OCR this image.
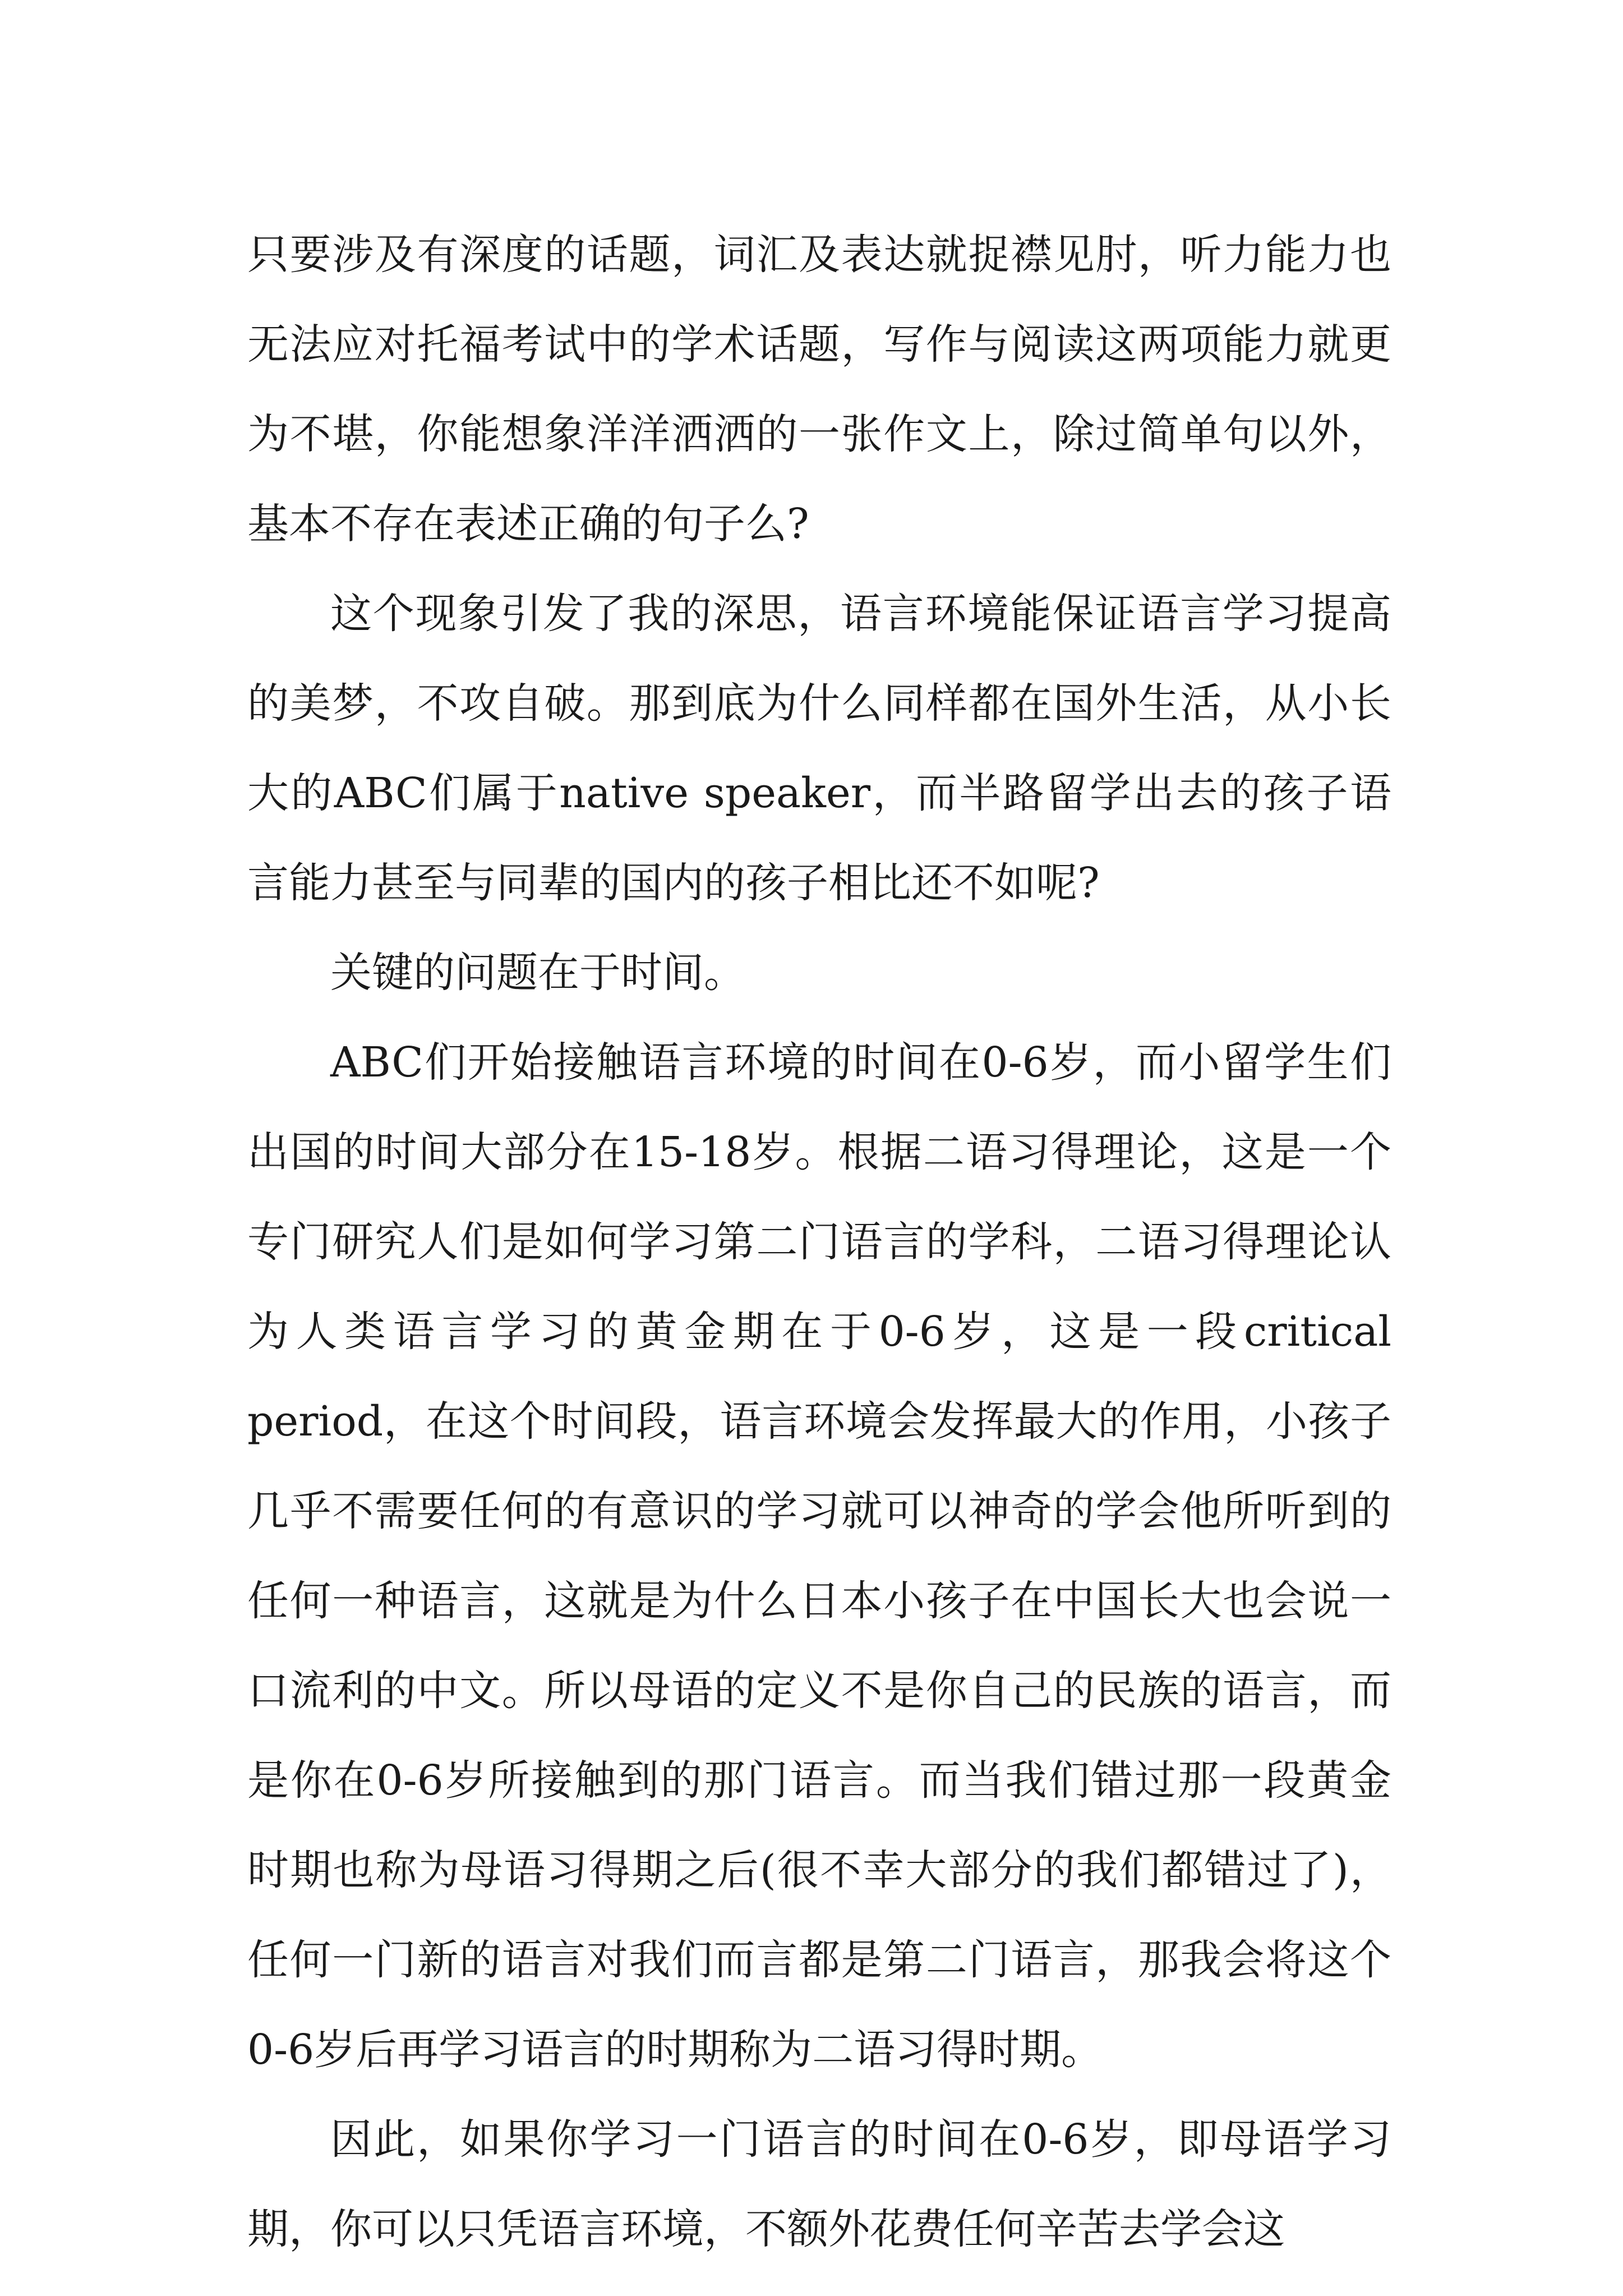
只要涉及有深度的话题，词汇及表达就捉襟见肘，听力能力也无法应对托福考试中的学术话题，写作与阅读这两项能力就更为不堪，你能想象洋洋洒洒的一张作文上，除过简单句以外，基本不存在表述正确的句子么?

这个现象引发了我的深思，语言环境能保证语言学习提高的美梦，不攻自破。那到底为什么同样都在国外生活，从小长大的ABC们属于native speaker，而半路留学出去的孩子语言能力甚至与同辈的国内的孩子相比还不如呢?

关键的问题在于时间。

ABC们开始接触语言环境的时间在0-6岁，而小留学生们出国的时间大部分在15-18岁。根据二语习得理论，这是一个专门研究人们是如何学习第二门语言的学科，二语习得理论认为人类语言学习的黄金期在于0-6岁，这是一段critical period，在这个时间段，语言环境会发挥最大的作用，小孩子几乎不需要任何的有意识的学习就可以神奇的学会他所听到的任何一种语言，这就是为什么日本小孩子在中国长大也会说一口流利的中文。所以母语的定义不是你自己的民族的语言，而是你在0-6岁所接触到的那门语言。而当我们错过那一段黄金时期也称为母语习得期之后(很不幸大部分的我们都错过了)，任何一门新的语言对我们而言都是第二门语言，那我会将这个0-6岁后再学习语言的时期称为二语习得时期。

因此，如果你学习一门语言的时间在0-6岁，即母语学习期，你可以只凭语言环境，不额外花费任何辛苦去学会这
